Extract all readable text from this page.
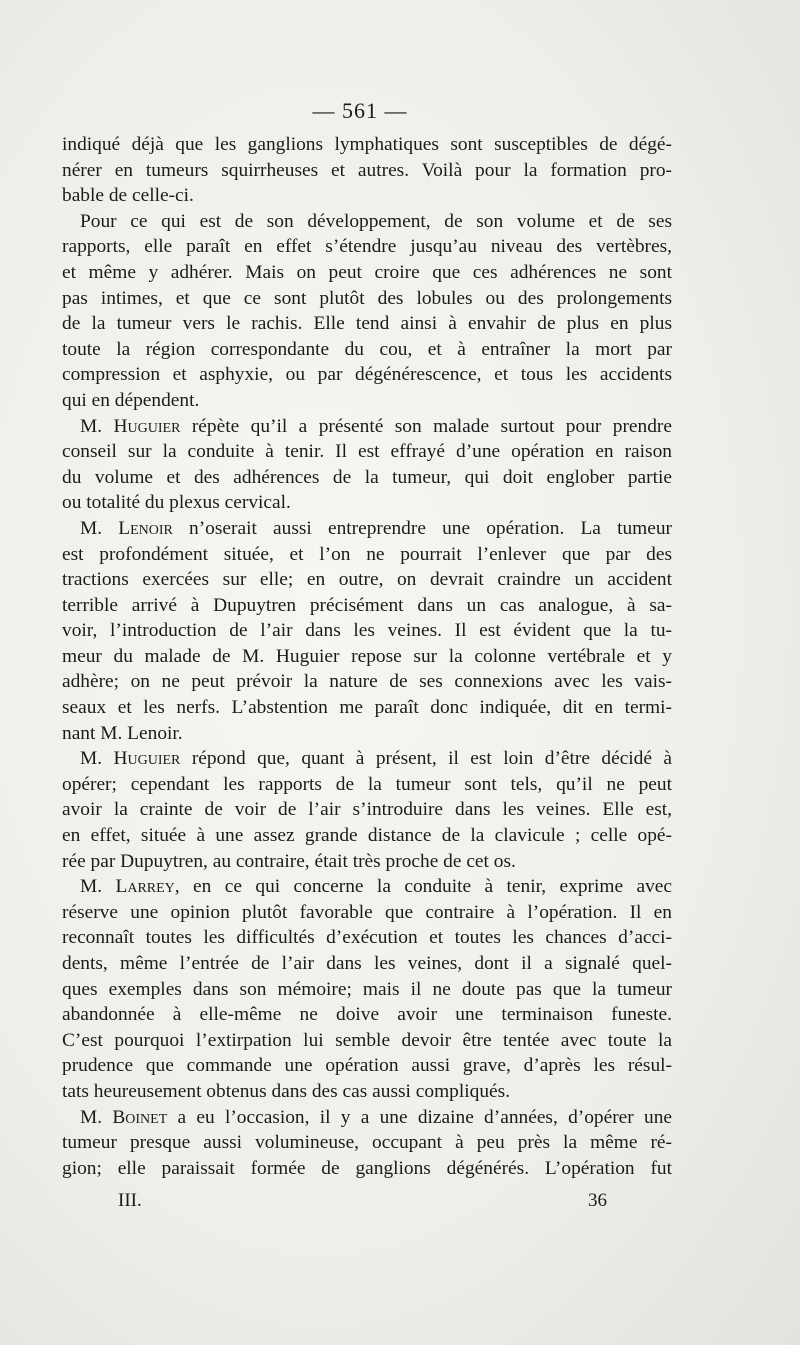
— 561 —
indiqué déjà que les ganglions lymphatiques sont susceptibles de dégé-
nérer en tumeurs squirrheuses et autres. Voilà pour la formation pro-
bable de celle-ci.
Pour ce qui est de son développement, de son volume et de ses
rapports, elle paraît en effet s’étendre jusqu’au niveau des vertèbres,
et même y adhérer. Mais on peut croire que ces adhérences ne sont
pas intimes, et que ce sont plutôt des lobules ou des prolongements
de la tumeur vers le rachis. Elle tend ainsi à envahir de plus en plus
toute la région correspondante du cou, et à entraîner la mort par
compression et asphyxie, ou par dégénérescence, et tous les accidents
qui en dépendent.
M. Huguier répète qu’il a présenté son malade surtout pour prendre
conseil sur la conduite à tenir. Il est effrayé d’une opération en raison
du volume et des adhérences de la tumeur, qui doit englober partie
ou totalité du plexus cervical.
M. Lenoir n’oserait aussi entreprendre une opération. La tumeur
est profondément située, et l’on ne pourrait l’enlever que par des
tractions exercées sur elle; en outre, on devrait craindre un accident
terrible arrivé à Dupuytren précisément dans un cas analogue, à sa-
voir, l’introduction de l’air dans les veines. Il est évident que la tu-
meur du malade de M. Huguier repose sur la colonne vertébrale et y
adhère; on ne peut prévoir la nature de ses connexions avec les vais-
seaux et les nerfs. L’abstention me paraît donc indiquée, dit en termi-
nant M. Lenoir.
M. Huguier répond que, quant à présent, il est loin d’être décidé à
opérer; cependant les rapports de la tumeur sont tels, qu’il ne peut
avoir la crainte de voir de l’air s’introduire dans les veines. Elle est,
en effet, située à une assez grande distance de la clavicule ; celle opé-
rée par Dupuytren, au contraire, était très proche de cet os.
M. Larrey, en ce qui concerne la conduite à tenir, exprime avec
réserve une opinion plutôt favorable que contraire à l’opération. Il en
reconnaît toutes les difficultés d’exécution et toutes les chances d’acci-
dents, même l’entrée de l’air dans les veines, dont il a signalé quel-
ques exemples dans son mémoire; mais il ne doute pas que la tumeur
abandonnée à elle-même ne doive avoir une terminaison funeste.
C’est pourquoi l’extirpation lui semble devoir être tentée avec toute la
prudence que commande une opération aussi grave, d’après les résul-
tats heureusement obtenus dans des cas aussi compliqués.
M. Boinet a eu l’occasion, il y a une dizaine d’années, d’opérer une
tumeur presque aussi volumineuse, occupant à peu près la même ré-
gion; elle paraissait formée de ganglions dégénérés. L’opération fut
III.	36
